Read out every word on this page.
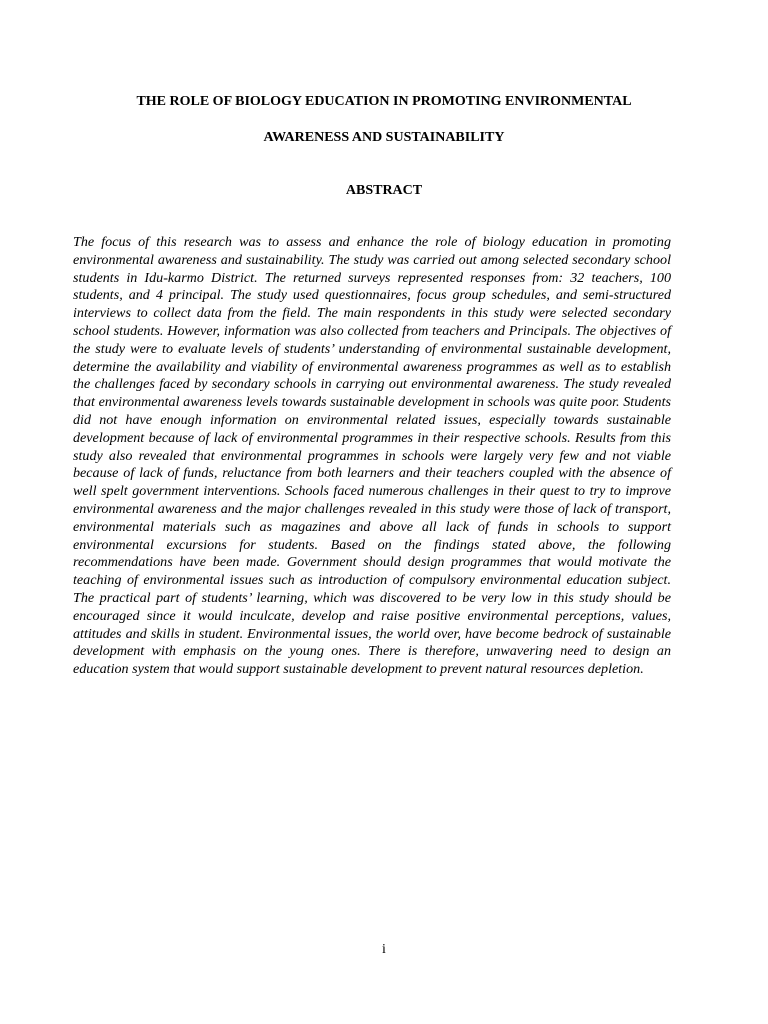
THE ROLE OF BIOLOGY EDUCATION IN PROMOTING ENVIRONMENTAL
AWARENESS AND SUSTAINABILITY
ABSTRACT

The focus of this research was to assess and enhance the role of biology education in promoting environmental awareness and sustainability. The study was carried out among selected secondary school students in Idu-karmo District. The returned surveys represented responses from: 32 teachers, 100 students, and 4 principal. The study used questionnaires, focus group schedules, and semi-structured interviews to collect data from the field. The main respondents in this study were selected secondary school students. However, information was also collected from teachers and Principals. The objectives of the study were to evaluate levels of students’ understanding of environmental sustainable development, determine the availability and viability of environmental awareness programmes as well as to establish the challenges faced by secondary schools in carrying out environmental awareness. The study revealed that environmental awareness levels towards sustainable development in schools was quite poor. Students did not have enough information on environmental related issues, especially towards sustainable development because of lack of environmental programmes in their respective schools. Results from this study also revealed that environmental programmes in schools were largely very few and not viable because of lack of funds, reluctance from both learners and their teachers coupled with the absence of well spelt government interventions. Schools faced numerous challenges in their quest to try to improve environmental awareness and the major challenges revealed in this study were those of lack of transport, environmental materials such as magazines and above all lack of funds in schools to support environmental excursions for students. Based on the findings stated above, the following recommendations have been made. Government should design programmes that would motivate the teaching of environmental issues such as introduction of compulsory environmental education subject. The practical part of students’ learning, which was discovered to be very low in this study should be encouraged since it would inculcate, develop and raise positive environmental perceptions, values, attitudes and skills in student. Environmental issues, the world over, have become bedrock of sustainable development with emphasis on the young ones. There is therefore, unwavering need to design an education system that would support sustainable development to prevent natural resources depletion.

i
